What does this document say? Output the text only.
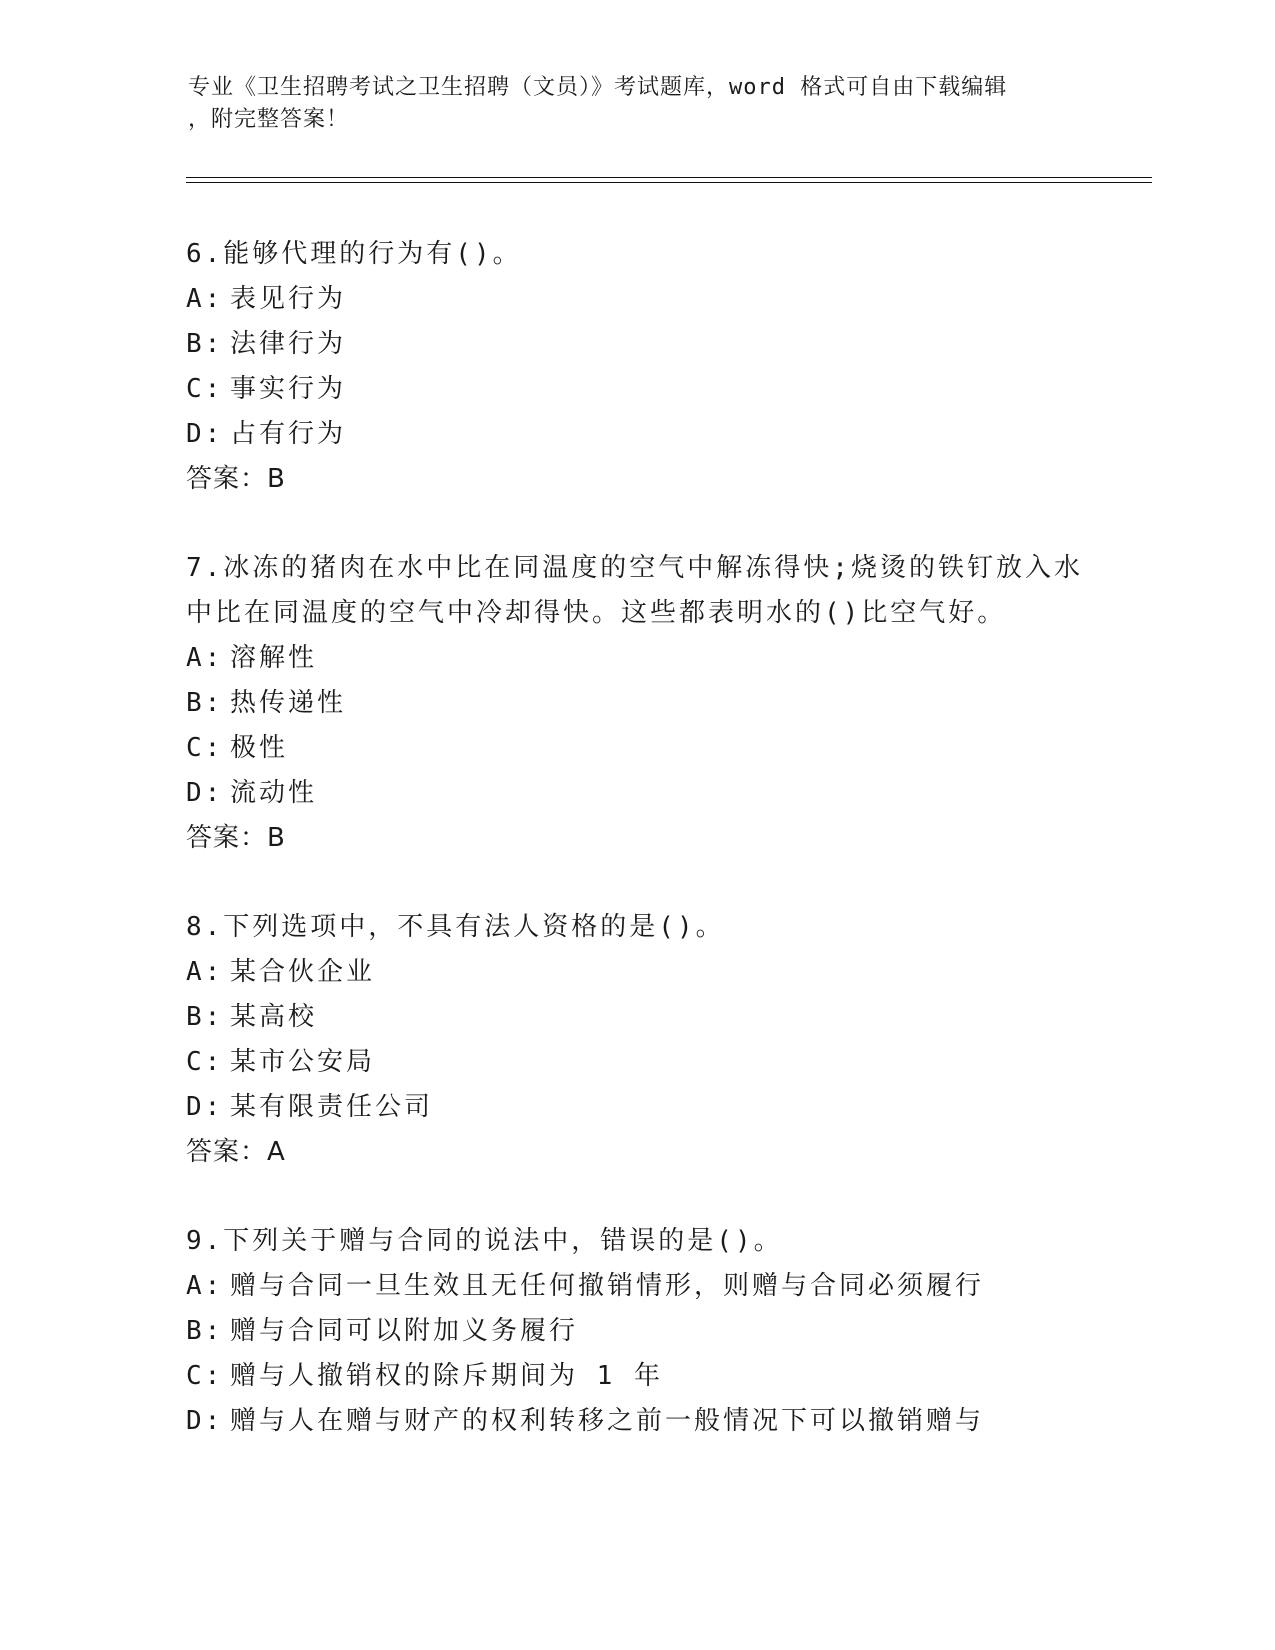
专业《卫生招聘考试之卫生招聘（文员）》考试题库，word 格式可自由下载编辑
，附完整答案！

6.能够代理的行为有()。

A: 表见行为

B: 法律行为

C: 事实行为

D: 占有行为

答案：B

7.冰冻的猪肉在水中比在同温度的空气中解冻得快;烧烫的铁钉放入水中比在同温度的空气中冷却得快。这些都表明水的()比空气好。

A: 溶解性

B: 热传递性

C: 极性

D: 流动性

答案：B

8.下列选项中，不具有法人资格的是()。

A: 某合伙企业

B: 某高校

C: 某市公安局

D: 某有限责任公司

答案：A

9.下列关于赠与合同的说法中，错误的是()。

A: 赠与合同一旦生效且无任何撤销情形，则赠与合同必须履行

B: 赠与合同可以附加义务履行

C: 赠与人撤销权的除斥期间为 1 年

D: 赠与人在赠与财产的权利转移之前一般情况下可以撤销赠与
